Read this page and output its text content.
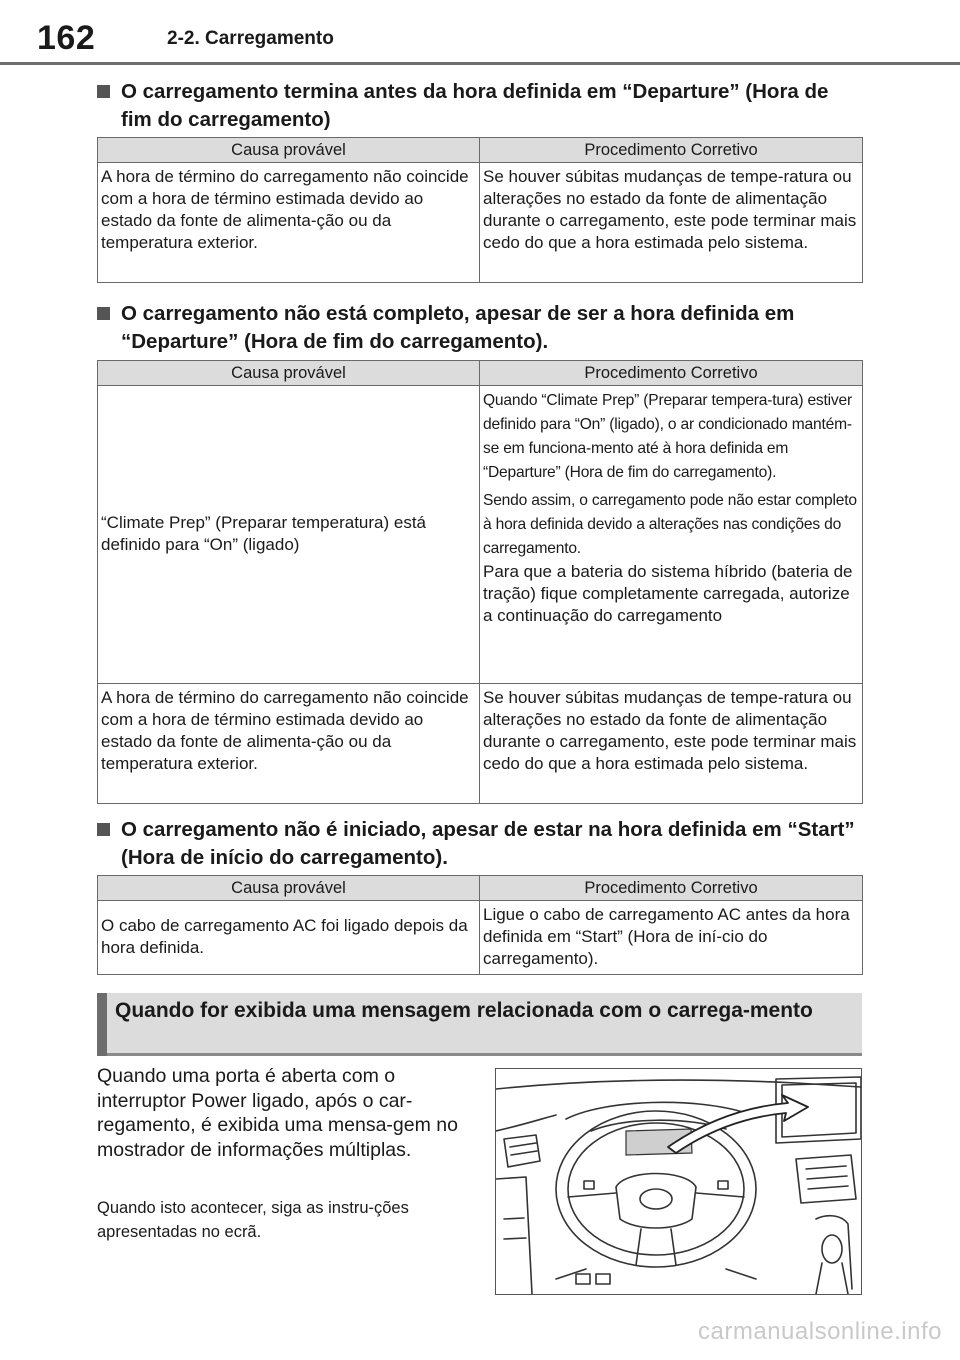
162	2-2. Carregamento
O carregamento termina antes da hora definida em “Departure” (Hora de fim do carregamento)
Causa provável	Procedimento Corretivo
A hora de término do carregamento não coincide com a hora de término estimada devido ao estado da fonte de alimenta-ção ou da temperatura exterior.	Se houver súbitas mudanças de tempe-ratura ou alterações no estado da fonte de alimentação durante o carregamento, este pode terminar mais cedo do que a hora estimada pelo sistema.
O carregamento não está completo, apesar de ser a hora definida em “Departure” (Hora de fim do carregamento).
Causa provável	Procedimento Corretivo
“Climate Prep” (Preparar temperatura) está definido para “On” (ligado)	Quando “Climate Prep” (Preparar tempera-tura) estiver definido para “On” (ligado), o ar condicionado mantém-se em funciona-mento até à hora definida em “Departure” (Hora de fim do carregamento).
Sendo assim, o carregamento pode não estar completo à hora definida devido a alterações nas condições do carregamento.
Para que a bateria do sistema híbrido (bateria de tração) fique completamente carregada, autorize a continuação do carregamento

A hora de término do carregamento não coincide com a hora de término estimada devido ao estado da fonte de alimenta-ção ou da temperatura exterior.	Se houver súbitas mudanças de tempe-ratura ou alterações no estado da fonte de alimentação durante o carregamento, este pode terminar mais cedo do que a hora estimada pelo sistema.
O carregamento não é iniciado, apesar de estar na hora definida em “Start” (Hora de início do carregamento).
Causa provável	Procedimento Corretivo
O cabo de carregamento AC foi ligado depois da hora definida.	Ligue o cabo de carregamento AC antes da hora definida em “Start” (Hora de iní-cio do carregamento).
Quando for exibida uma mensagem relacionada com o carrega-mento
Quando uma porta é aberta com o interruptor Power ligado, após o car-regamento, é exibida uma mensa-gem no mostrador de informações múltiplas.
Quando isto acontecer, siga as instru-ções apresentadas no ecrã.
carmanualsonline.info
